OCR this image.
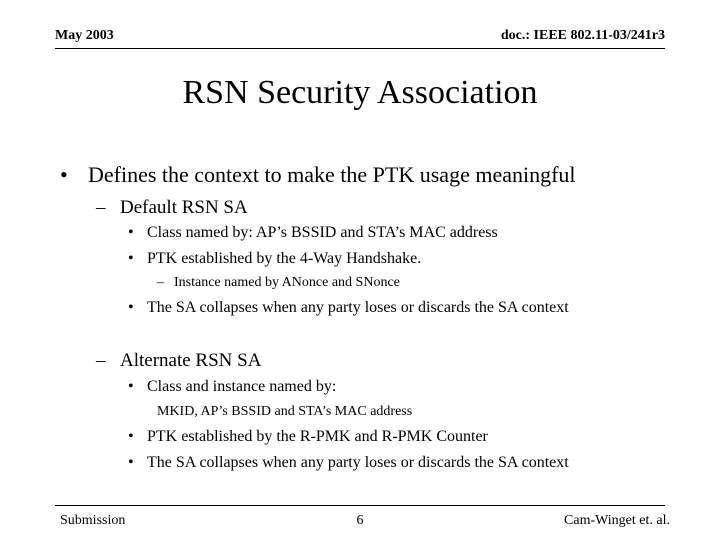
May 2003	doc.: IEEE 802.11-03/241r3
RSN Security Association
• Defines the context to make the PTK usage meaningful
– Default RSN SA
• Class named by: AP’s BSSID and STA’s MAC address
• PTK established by the 4-Way Handshake.
– Instance named by ANonce and SNonce
• The SA collapses when any party loses or discards the SA context
– Alternate RSN SA
• Class and instance named by:
MKID, AP’s BSSID and STA’s MAC address
• PTK established by the R-PMK and R-PMK Counter
• The SA collapses when any party loses or discards the SA context
Submission	6	Cam-Winget et. al.
